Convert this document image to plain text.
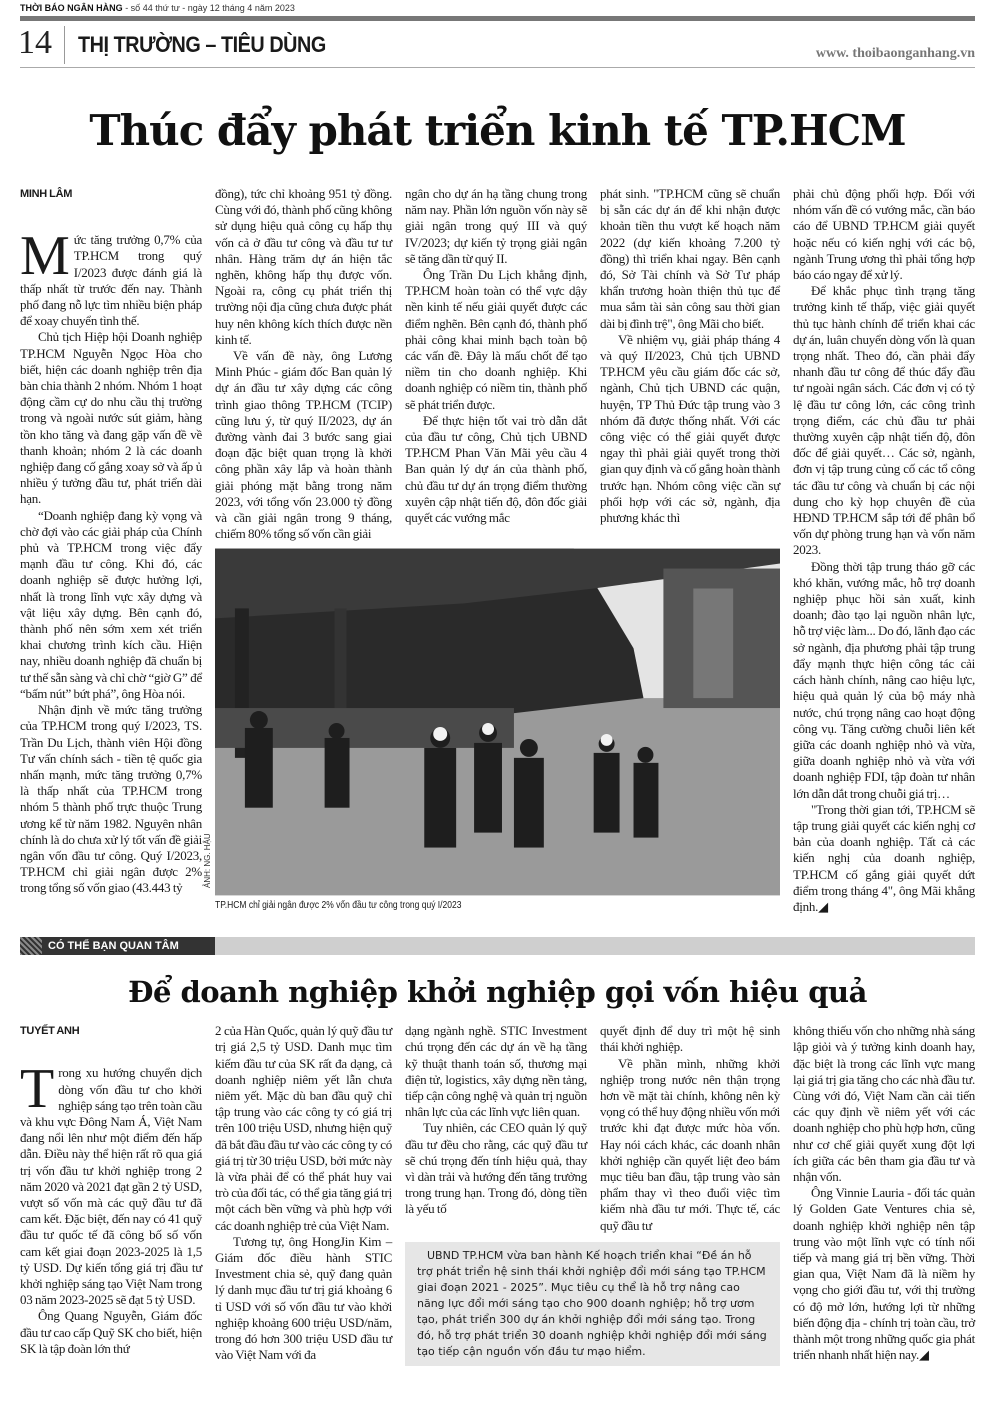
THỜI BÁO NGÂN HÀNG - số 44 thứ tư - ngày 12 tháng 4 năm 2023
14 THỊ TRƯỜNG – TIÊU DÙNG	www. thoibaonganhang.vn
Thúc đẩy phát triển kinh tế TP.HCM
MINH LÂM

Mức tăng trưởng 0,7% của TP.HCM trong quý I/2023 được đánh giá là thấp nhất từ trước đến nay. Thành phố đang nỗ lực tìm nhiều biện pháp để xoay chuyển tình thế.

Chủ tịch Hiệp hội Doanh nghiệp TP.HCM Nguyễn Ngọc Hòa cho biết, hiện các doanh nghiệp trên địa bàn chia thành 2 nhóm. Nhóm 1 hoạt động cầm cự do nhu cầu thị trường trong và ngoài nước sút giảm, hàng tồn kho tăng và đang gặp vấn đề về thanh khoản; nhóm 2 là các doanh nghiệp đang cố gắng xoay sở và ấp ủ nhiều ý tưởng đầu tư, phát triển dài hạn.

“Doanh nghiệp đang kỳ vọng và chờ đợi vào các giải pháp của Chính phủ và TP.HCM trong việc đẩy mạnh đầu tư công. Khi đó, các doanh nghiệp sẽ được hưởng lợi, nhất là trong lĩnh vực xây dựng và vật liệu xây dựng. Bên cạnh đó, thành phố nên sớm xem xét triển khai chương trình kích cầu. Hiện nay, nhiều doanh nghiệp đã chuẩn bị tư thế sẵn sàng và chỉ chờ “giờ G” để “bấm nút” bứt phá”, ông Hòa nói.

Nhận định về mức tăng trưởng của TP.HCM trong quý I/2023, TS. Trần Du Lịch, thành viên Hội đồng Tư vấn chính sách - tiền tệ quốc gia nhấn mạnh, mức tăng trưởng 0,7% là thấp nhất của TP.HCM trong nhóm 5 thành phố trực thuộc Trung ương kể từ năm 1982. Nguyên nhân chính là do chưa xử lý tốt vấn đề giải ngân vốn đầu tư công. Quý I/2023, TP.HCM chỉ giải ngân được 2% trong tổng số vốn giao (43.443 tỷ

đồng), tức chỉ khoảng 951 tỷ đồng. Cùng với đó, thành phố cũng không sử dụng hiệu quả công cụ hấp thụ vốn cả ở đầu tư công và đầu tư tư nhân. Hàng trăm dự án hiện tắc nghẽn, không hấp thụ được vốn. Ngoài ra, công cụ phát triển thị trường nội địa cũng chưa được phát huy nên không kích thích được nền kinh tế.

Về vấn đề này, ông Lương Minh Phúc - giám đốc Ban quản lý dự án đầu tư xây dựng các công trình giao thông TP.HCM (TCIP) cũng lưu ý, từ quý II/2023, dự án đường vành đai 3 bước sang giai đoạn đặc biệt quan trọng là khởi công phần xây lắp và hoàn thành giải phóng mặt bằng trong năm 2023, với tổng vốn 23.000 tỷ đồng và cần giải ngân trong 9 tháng, chiếm 80% tổng số vốn cần giải

ngân cho dự án hạ tầng chung trong năm nay. Phần lớn nguồn vốn này sẽ giải ngân trong quý III và quý IV/2023; dự kiến tỷ trọng giải ngân sẽ tăng dần từ quý II.

Ông Trần Du Lịch khẳng định, TP.HCM hoàn toàn có thể vực dậy nền kinh tế nếu giải quyết được các điểm nghẽn. Bên cạnh đó, thành phố phải công khai minh bạch toàn bộ các vấn đề. Đây là mấu chốt để tạo niềm tin cho doanh nghiệp. Khi doanh nghiệp có niềm tin, thành phố sẽ phát triển được.

Để thực hiện tốt vai trò dẫn dắt của đầu tư công, Chủ tịch UBND TP.HCM Phan Văn Mãi yêu cầu 4 Ban quản lý dự án của thành phố, chủ đầu tư dự án trọng điểm thường xuyên cập nhật tiến độ, đôn đốc giải quyết các vướng mắc

phát sinh. "TP.HCM cũng sẽ chuẩn bị sẵn các dự án để khi nhận được khoản tiền thu vượt kế hoạch năm 2022 (dự kiến khoảng 7.200 tỷ đồng) thì triển khai ngay. Bên cạnh đó, Sở Tài chính và Sở Tư pháp khẩn trương hoàn thiện thủ tục để mua sắm tài sản công sau thời gian dài bị đình trệ", ông Mãi cho biết.

Về nhiệm vụ, giải pháp tháng 4 và quý II/2023, Chủ tịch UBND TP.HCM yêu cầu giám đốc các sở, ngành, Chủ tịch UBND các quận, huyện, TP Thủ Đức tập trung vào 3 nhóm đã được thống nhất. Với các công việc có thể giải quyết được ngay thì phải giải quyết trong thời gian quy định và cố gắng hoàn thành trước hạn. Nhóm công việc cần sự phối hợp với các sở, ngành, địa phương khác thì

ẢNH: NG. HẬU
TP.HCM chỉ giải ngân được 2% vốn đầu tư công trong quý I/2023

phải chủ động phối hợp. Đối với nhóm vấn đề có vướng mắc, cần báo cáo để UBND TP.HCM giải quyết hoặc nếu có kiến nghị với các bộ, ngành Trung ương thì phải tổng hợp báo cáo ngay để xử lý.

Để khắc phục tình trạng tăng trưởng kinh tế thấp, việc giải quyết thủ tục hành chính để triển khai các dự án, luân chuyển dòng vốn là quan trọng nhất. Theo đó, cần phải đẩy nhanh đầu tư công để thúc đẩy đầu tư ngoài ngân sách. Các đơn vị có tỷ lệ đầu tư công lớn, các công trình trọng điểm, các chủ đầu tư phải thường xuyên cập nhật tiến độ, đôn đốc để giải quyết… Các sở, ngành, đơn vị tập trung củng cố các tổ công tác đầu tư công và chuẩn bị các nội dung cho kỳ họp chuyên đề của HĐND TP.HCM sắp tới để phân bổ vốn dự phòng trung hạn và vốn năm 2023.

Đồng thời tập trung tháo gỡ các khó khăn, vướng mắc, hỗ trợ doanh nghiệp phục hồi sản xuất, kinh doanh; đào tạo lại nguồn nhân lực, hỗ trợ việc làm... Do đó, lãnh đạo các sở ngành, địa phương phải tập trung đẩy mạnh thực hiện công tác cải cách hành chính, nâng cao hiệu lực, hiệu quả quản lý của bộ máy nhà nước, chú trọng nâng cao hoạt động công vụ. Tăng cường chuỗi liên kết giữa các doanh nghiệp nhỏ và vừa, giữa doanh nghiệp nhỏ và vừa với doanh nghiệp FDI, tập đoàn tư nhân lớn dẫn dắt trong chuỗi giá trị…

"Trong thời gian tới, TP.HCM sẽ tập trung giải quyết các kiến nghị cơ bản của doanh nghiệp. Tất cả các kiến nghị của doanh nghiệp, TP.HCM cố gắng giải quyết dứt điểm trong tháng 4", ông Mãi khẳng định.◢

CÓ THỂ BẠN QUAN TÂM
Để doanh nghiệp khởi nghiệp gọi vốn hiệu quả
TUYẾT ANH

Trong xu hướng chuyển dịch dòng vốn đầu tư cho khởi nghiệp sáng tạo trên toàn cầu và khu vực Đông Nam Á, Việt Nam đang nổi lên như một điểm đến hấp dẫn. Điều này thể hiện rất rõ qua giá trị vốn đầu tư khởi nghiệp trong 2 năm 2020 và 2021 đạt gần 2 tỷ USD, vượt số vốn mà các quỹ đầu tư đã cam kết. Đặc biệt, đến nay có 41 quỹ đầu tư quốc tế đã công bố số vốn cam kết giai đoạn 2023-2025 là 1,5 tỷ USD. Dự kiến tổng giá trị đầu tư khởi nghiệp sáng tạo Việt Nam trong 03 năm 2023-2025 sẽ đạt 5 tỷ USD.

Ông Quang Nguyễn, Giám đốc đầu tư cao cấp Quỹ SK cho biết, hiện SK là tập đoàn lớn thứ

2 của Hàn Quốc, quản lý quỹ đầu tư trị giá 2,5 tỷ USD. Danh mục tìm kiếm đầu tư của SK rất đa dạng, cả doanh nghiệp niêm yết lẫn chưa niêm yết. Mặc dù ban đầu quỹ chỉ tập trung vào các công ty có giá trị trên 100 triệu USD, nhưng hiện quỹ đã bắt đầu đầu tư vào các công ty có giá trị từ 30 triệu USD, bởi mức này là vừa phải để có thể phát huy vai trò của đối tác, có thể gia tăng giá trị một cách bền vững và phù hợp với các doanh nghiệp trẻ của Việt Nam.

Tương tự, ông HongJin Kim – Giám đốc điều hành STIC Investment chia sẻ, quỹ đang quản lý danh mục đầu tư trị giá khoảng 6 tỉ USD với số vốn đầu tư vào khởi nghiệp khoảng 600 triệu USD/năm, trong đó hơn 300 triệu USD đầu tư vào Việt Nam với đa

dạng ngành nghề. STIC Investment chú trọng đến các dự án về hạ tầng kỹ thuật thanh toán số, thương mại điện tử, logistics, xây dựng nền tảng, tiếp cận công nghệ và quản trị nguồn nhân lực của các lĩnh vực liên quan.

Tuy nhiên, các CEO quản lý quỹ đầu tư đều cho rằng, các quỹ đầu tư sẽ chú trọng đến tính hiệu quả, thay vì dàn trải và hướng đến tăng trưởng trong trung hạn. Trong đó, dòng tiền là yếu tố

quyết định để duy trì một hệ sinh thái khởi nghiệp.

Về phần mình, những khởi nghiệp trong nước nên thận trọng hơn về mặt tài chính, không nên kỳ vọng có thể huy động nhiều vốn mới trước khi đạt được mức hòa vốn. Hay nói cách khác, các doanh nhân khởi nghiệp cần quyết liệt đeo bám mục tiêu ban đầu, tập trung vào sản phẩm thay vì theo đuổi việc tìm kiếm nhà đầu tư mới. Thực tế, các quỹ đầu tư

UBND TP.HCM vừa ban hành Kế hoạch triển khai “Đề án hỗ trợ phát triển hệ sinh thái khởi nghiệp đổi mới sáng tạo TP.HCM giai đoạn 2021 - 2025”. Mục tiêu cụ thể là hỗ trợ nâng cao năng lực đổi mới sáng tạo cho 900 doanh nghiệp; hỗ trợ ươm tạo, phát triển 300 dự án khởi nghiệp đổi mới sáng tạo. Trong đó, hỗ trợ phát triển 30 doanh nghiệp khởi nghiệp đổi mới sáng tạo tiếp cận nguồn vốn đầu tư mạo hiểm.

không thiếu vốn cho những nhà sáng lập giỏi và ý tưởng kinh doanh hay, đặc biệt là trong các lĩnh vực mang lại giá trị gia tăng cho các nhà đầu tư. Cùng với đó, Việt Nam cần cải tiến các quy định về niêm yết với các doanh nghiệp cho phù hợp hơn, cũng như cơ chế giải quyết xung đột lợi ích giữa các bên tham gia đầu tư và nhận vốn.

Ông Vinnie Lauria - đối tác quản lý Golden Gate Ventures chia sẻ, doanh nghiệp khởi nghiệp nên tập trung vào một lĩnh vực có tính nối tiếp và mang giá trị bền vững. Thời gian qua, Việt Nam đã là niềm hy vọng cho giới đầu tư, với thị trường có độ mở lớn, hướng lợi từ những biến động địa - chính trị toàn cầu, trở thành một trong những quốc gia phát triển nhanh nhất hiện nay.◢
